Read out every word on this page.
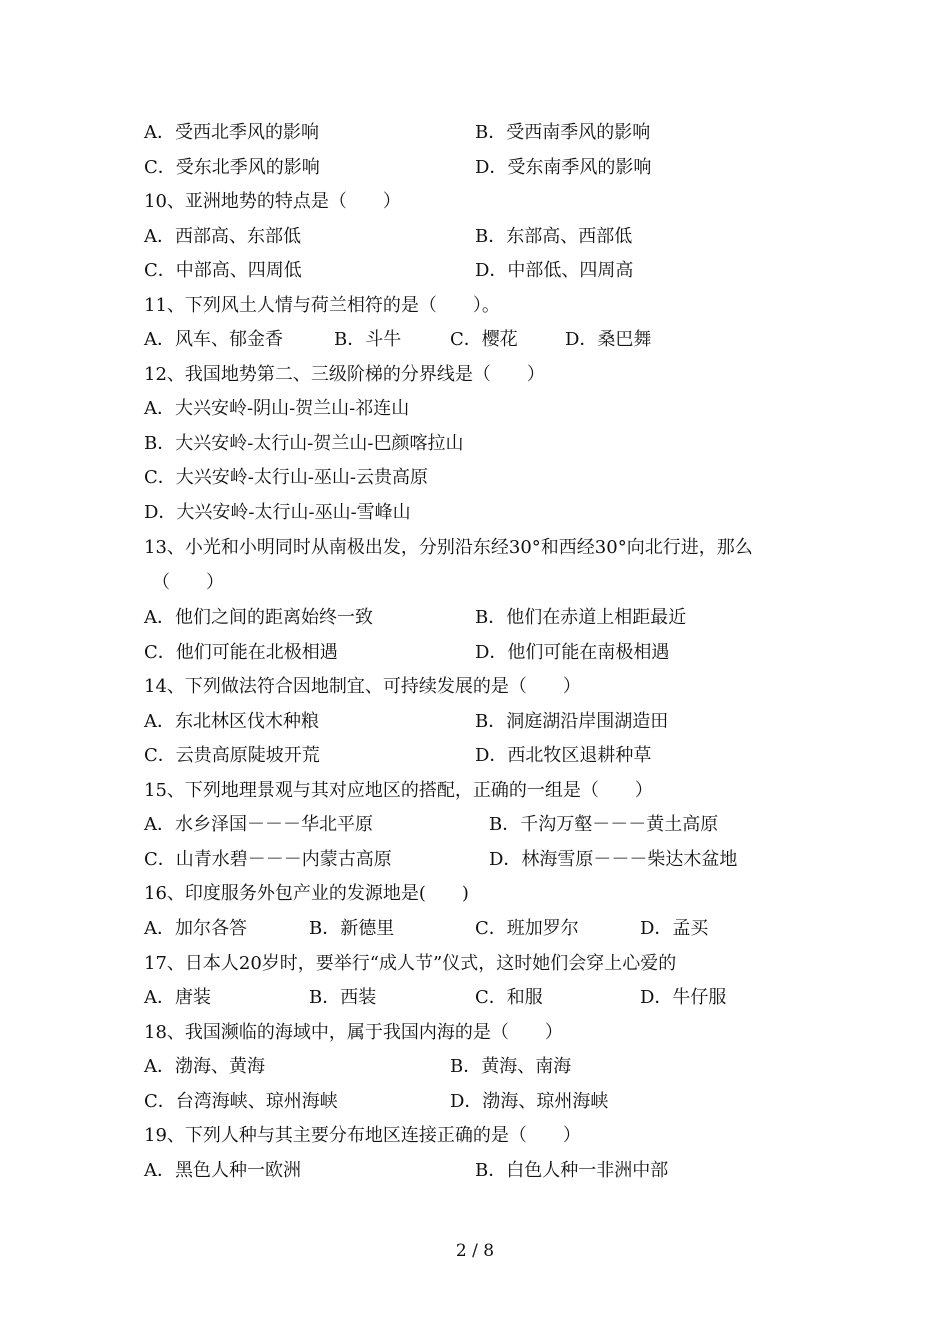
A．受西北季风的影响	B．受西南季风的影响
C．受东北季风的影响	D．受东南季风的影响
10、亚洲地势的特点是（　　）
A．西部高、东部低	B．东部高、西部低
C．中部高、四周低	D．中部低、四周高
11、下列风土人情与荷兰相符的是（　　）。
A．风车、郁金香	B．斗牛	C．樱花	D．桑巴舞
12、我国地势第二、三级阶梯的分界线是（　　）
A．大兴安岭-阴山-贺兰山-祁连山
B．大兴安岭-太行山-贺兰山-巴颜喀拉山
C．大兴安岭-太行山-巫山-云贵高原
D．大兴安岭-太行山-巫山-雪峰山
13、小光和小明同时从南极出发，分别沿东经30°和西经30°向北行进，那么
（　　）
A．他们之间的距离始终一致	B．他们在赤道上相距最近
C．他们可能在北极相遇	D．他们可能在南极相遇
14、下列做法符合因地制宜、可持续发展的是（　　）
A．东北林区伐木种粮	B．洞庭湖沿岸围湖造田
C．云贵高原陡坡开荒	D．西北牧区退耕种草
15、下列地理景观与其对应地区的搭配，正确的一组是（　　）
A．水乡泽国－－－华北平原	B．千沟万壑－－－黄土高原
C．山青水碧－－－内蒙古高原	D．林海雪原－－－柴达木盆地
16、印度服务外包产业的发源地是(　　)
A．加尔各答	B．新德里	C．班加罗尔	D．孟买
17、日本人20岁时，要举行“成人节”仪式，这时她们会穿上心爱的
A．唐装	B．西装	C．和服	D．牛仔服
18、我国濒临的海域中，属于我国内海的是（　　）
A．渤海、黄海	B．黄海、南海
C．台湾海峡、琼州海峡	D．渤海、琼州海峡
19、下列人种与其主要分布地区连接正确的是（　　）
A．黑色人种一欧洲	B．白色人种一非洲中部
2 / 8
